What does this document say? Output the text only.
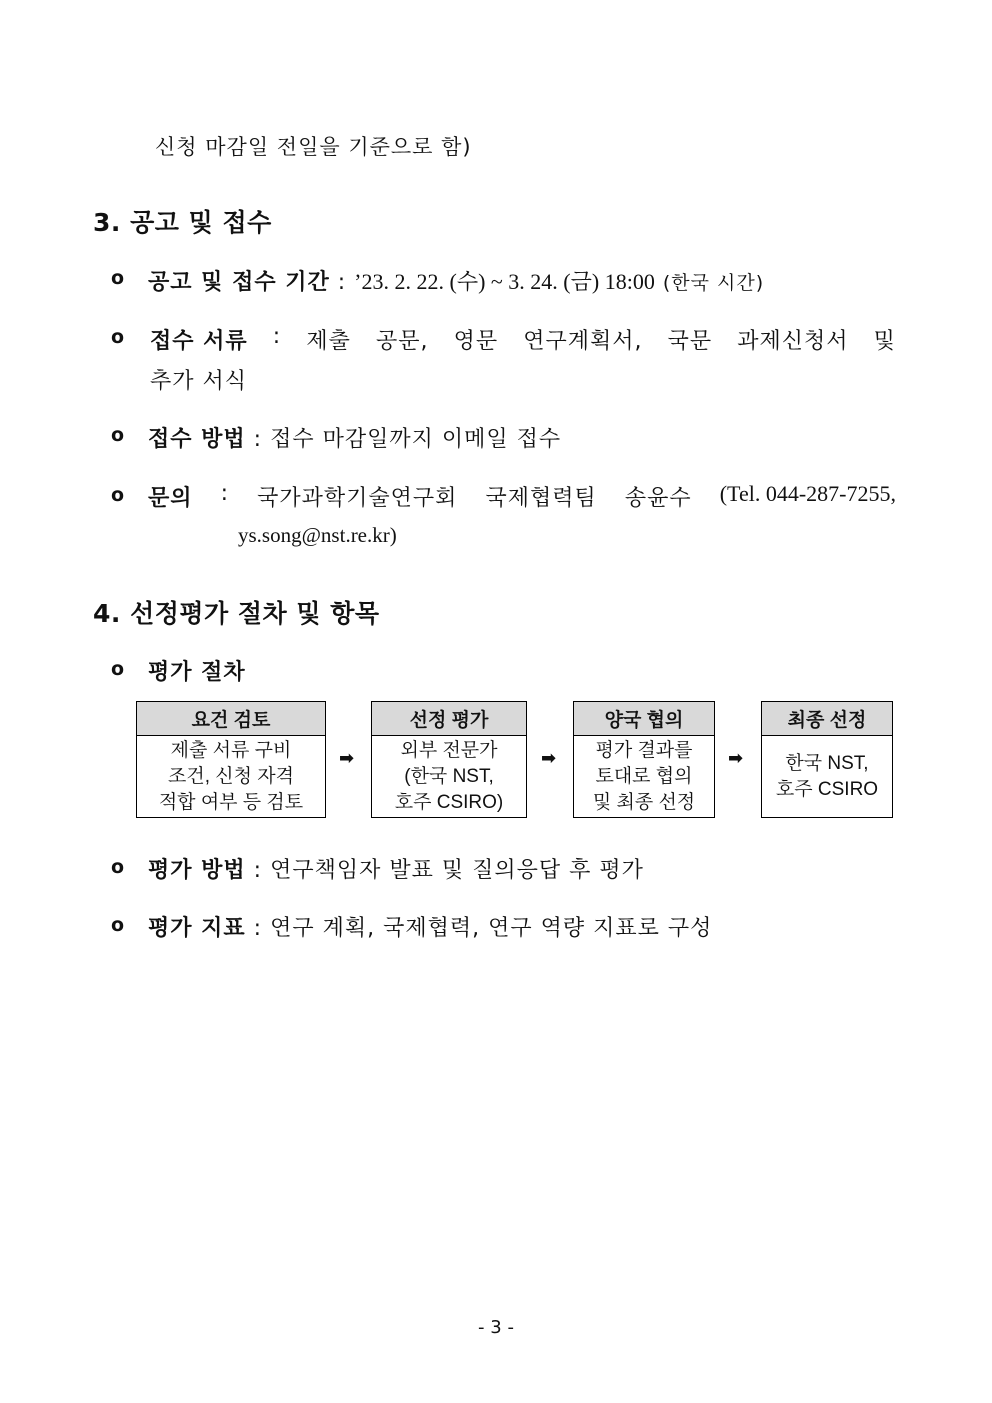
신청 마감일 전일을 기준으로 함)
3. 공고 및 접수
o 공고 및 접수 기간 : ’23. 2. 22. (수) ~ 3. 24. (금) 18:00 (한국 시간)
o 접수 서류 : 제출 공문, 영문 연구계획서, 국문 과제신청서 및
추가 서식
o 접수 방법 : 접수 마감일까지 이메일 접수
o 문의 : 국가과학기술연구회 국제협력팀 송윤수 (Tel. 044-287-7255,
ys.song@nst.re.kr)
4. 선정평가 절차 및 항목
o 평가 절차
요건 검토
제출 서류 구비
조건, 신청 자격
적합 여부 등 검토
➡
선정 평가
외부 전문가
(한국 NST,
호주 CSIRO)
➡
양국 협의
평가 결과를
토대로 협의
및 최종 선정
➡
최종 선정
한국 NST,
호주 CSIRO
o 평가 방법 : 연구책임자 발표 및 질의응답 후 평가
o 평가 지표 : 연구 계획, 국제협력, 연구 역량 지표로 구성
- 3 -
